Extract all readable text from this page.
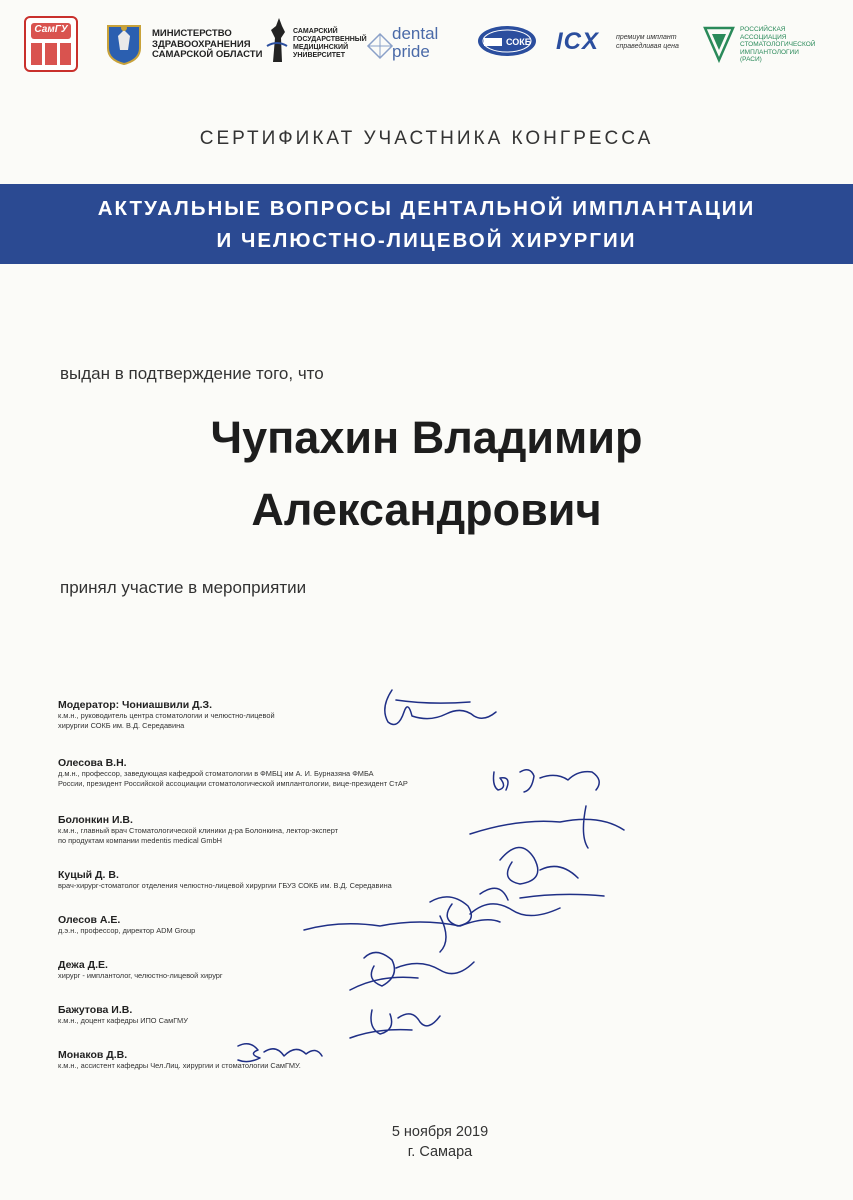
СамГУ	МИНИСТЕРСТВО
ЗДРАВООХРАНЕНИЯ
САМАРСКОЙ ОБЛАСТИ
САМАРСКИЙ
ГОСУДАРСТВЕННЫЙ
МЕДИЦИНСКИЙ
УНИВЕРСИТЕТ
dental
pride	СОКБ ICX премиум имплант
справедливая цена
РОССИЙСКАЯ
АССОЦИАЦИЯ
СТОМАТОЛОГИЧЕСКОЙ
ИМПЛАНТОЛОГИИ
(РАСИ)
СЕРТИФИКАТ УЧАСТНИКА КОНГРЕССА
АКТУАЛЬНЫЕ ВОПРОСЫ ДЕНТАЛЬНОЙ ИМПЛАНТАЦИИ
И ЧЕЛЮСТНО-ЛИЦЕВОЙ ХИРУРГИИ
выдан в подтверждение того, что
Чупахин Владимир
Александрович
принял участие в мероприятии
Модератор: Чониашвили Д.З.
к.м.н., руководитель центра стоматологии и челюстно-лицевой
хирургии СОКБ им. В.Д. Середавина
Олесова В.Н.
д.м.н., профессор, заведующая кафедрой стоматологии в ФМБЦ им А. И. Бурназяна ФМБА
России, президент Российской ассоциации стоматологической имплантологии, вице-президент СтАР
Болонкин И.В.
к.м.н., главный врач Стоматологической клиники д-ра Болонкина, лектор-эксперт
по продуктам компании medentis medical GmbH
Куцый Д. В.
врач-хирург-стоматолог отделения челюстно-лицевой хирургии ГБУЗ СОКБ им. В.Д. Середавина
Олесов А.Е.
д.э.н., профессор, директор ADM Group
Дежа Д.Е.
хирург - имплантолог, челюстно-лицевой хирург
Бажутова И.В.
к.м.н., доцент кафедры ИПО СамГМУ
Монаков Д.В.
к.м.н., ассистент кафедры Чел.Лиц. хирургии и стоматологии СамГМУ.
5 ноября 2019
г. Самара
